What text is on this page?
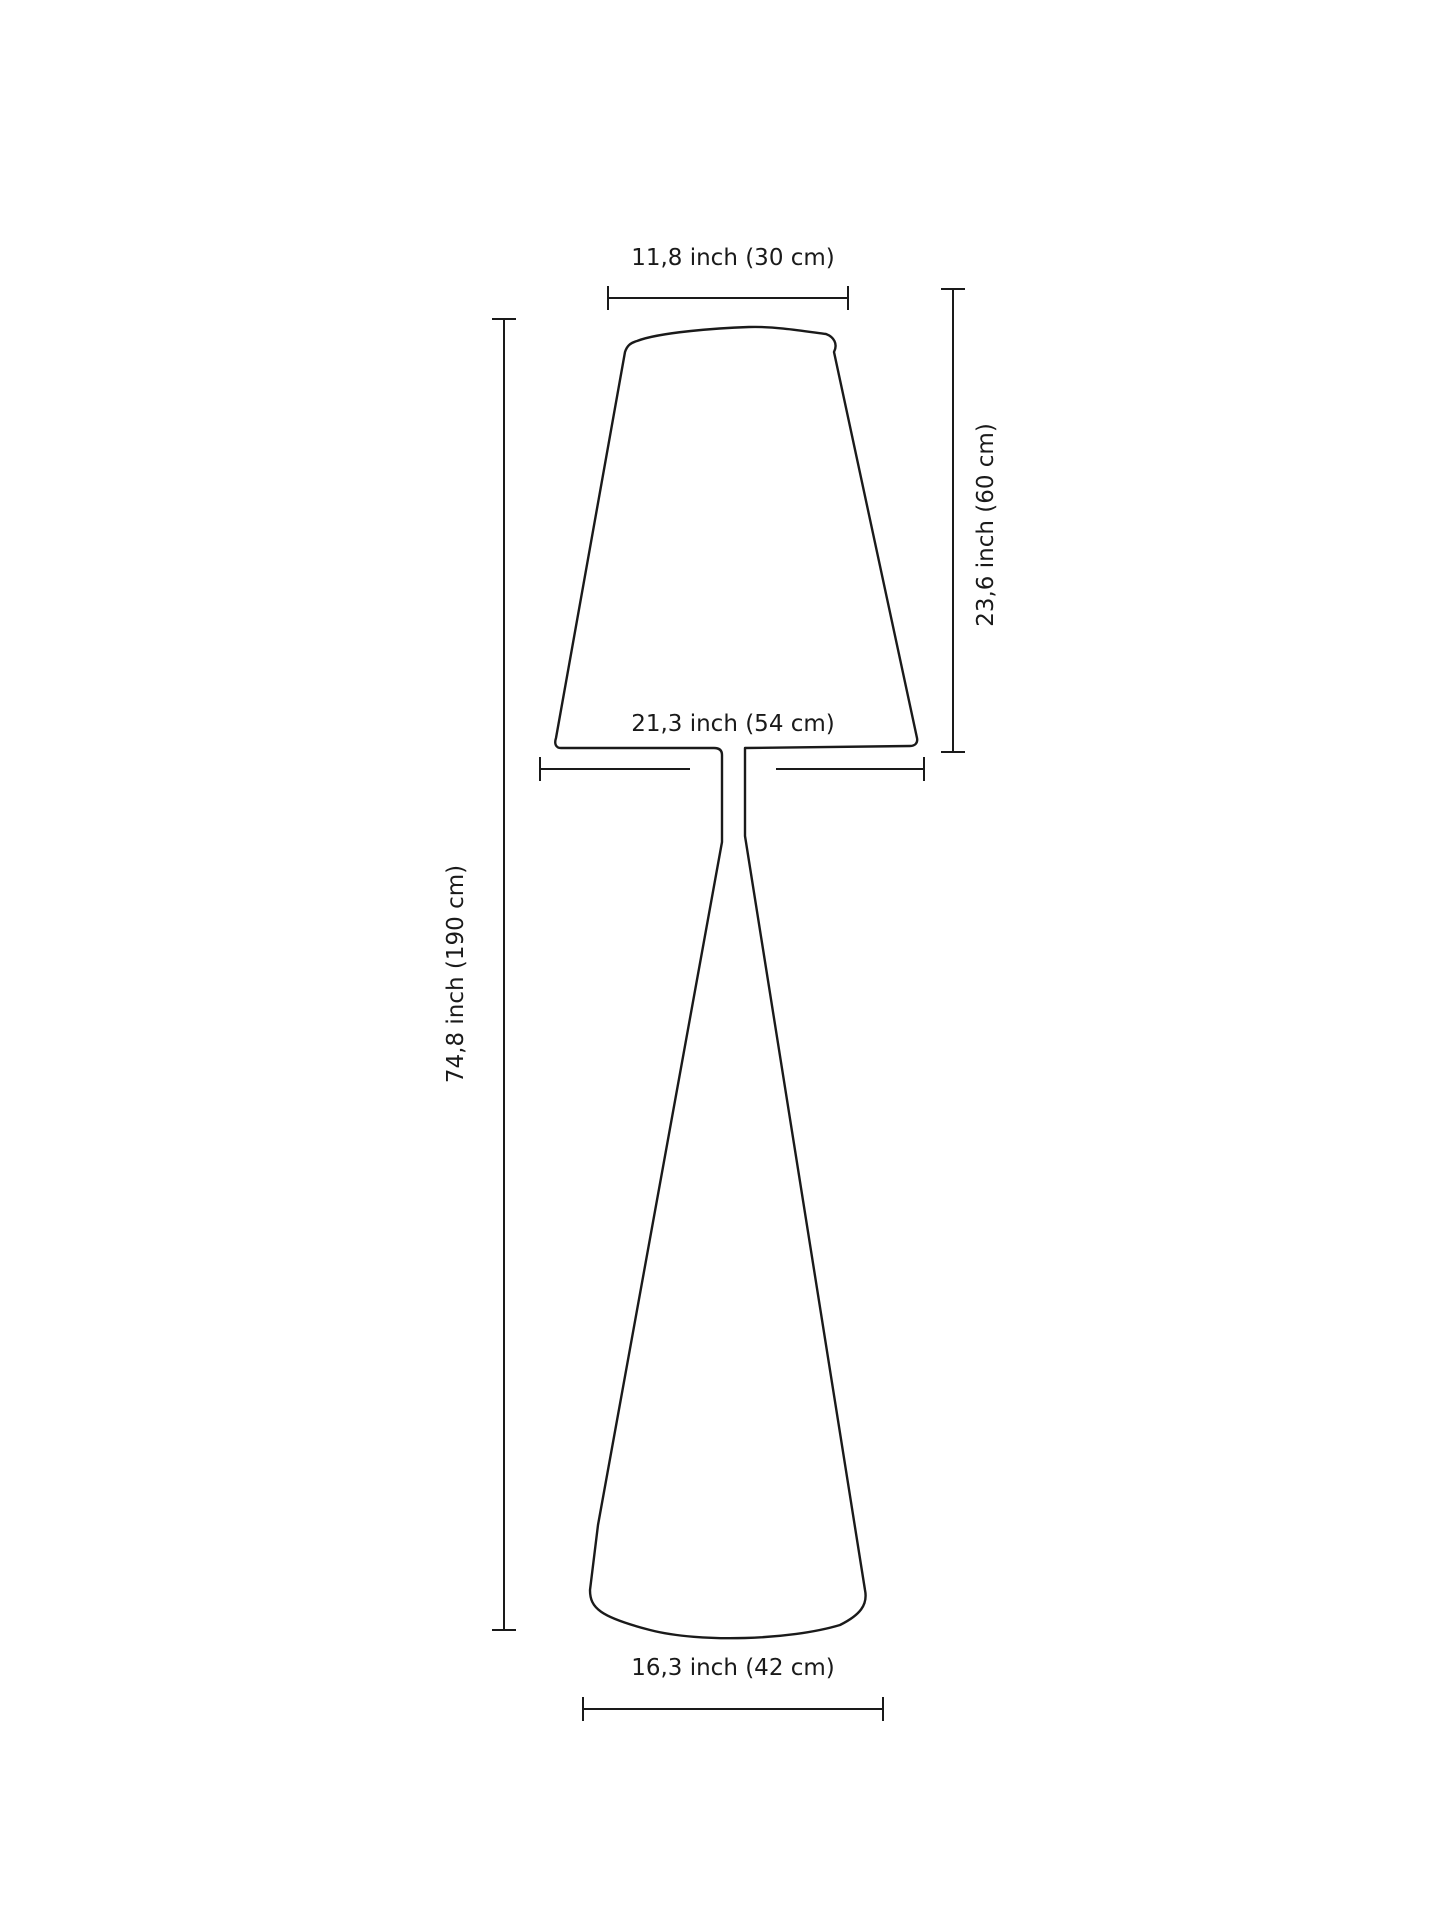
11,8 inch (30 cm)
23,6 inch (60 cm)
21,3 inch (54 cm)
74,8 inch (190 cm)
16,3 inch (42 cm)
